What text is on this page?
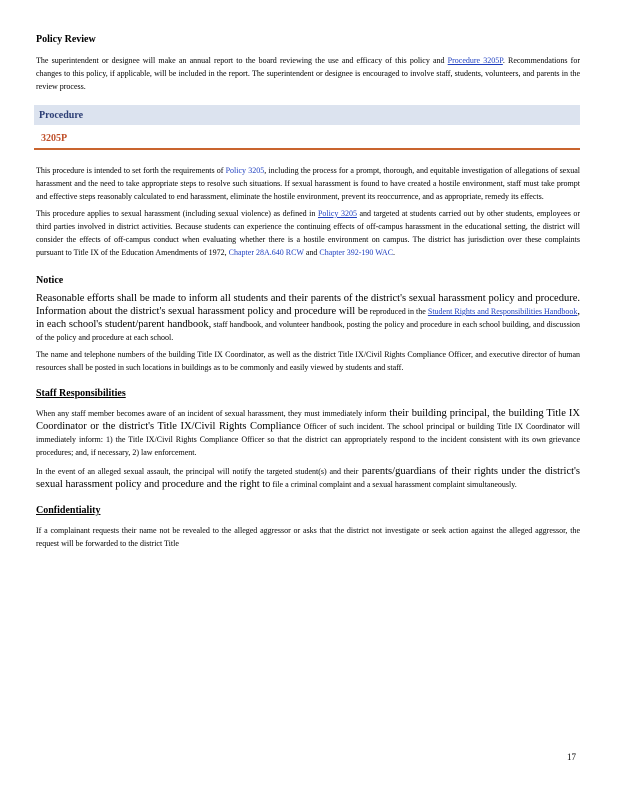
Policy Review

The superintendent or designee will make an annual report to the board reviewing the use and efficacy of this policy and Procedure 3205P. Recommendations for changes to this policy, if applicable, will be included in the report. The superintendent or designee is encouraged to involve staff, students, volunteers, and parents in the review process.

Procedure

3205P

This procedure is intended to set forth the requirements of Policy 3205, including the process for a prompt, thorough, and equitable investigation of allegations of sexual harassment and the need to take appropriate steps to resolve such situations. If sexual harassment is found to have created a hostile environment, staff must take prompt and effective steps reasonably calculated to end harassment, eliminate the hostile environment, prevent its reoccurrence, and as appropriate, remedy its effects.

This procedure applies to sexual harassment (including sexual violence) as defined in Policy 3205 and targeted at students carried out by other students, employees or third parties involved in district activities. Because students can experience the continuing effects of off-campus harassment in the educational setting, the district will consider the effects of off-campus conduct when evaluating whether there is a hostile environment on campus. The district has jurisdiction over these complaints pursuant to Title IX of the Education Amendments of 1972, Chapter 28A.640 RCW and Chapter 392-190 WAC.

Notice

Reasonable efforts shall be made to inform all students and their parents of the district's sexual harassment policy and procedure. Information about the district's sexual harassment policy and procedure will be reproduced in the Student Rights and Responsibilities Handbook, in each school's student/parent handbook, staff handbook, and volunteer handbook, posting the policy and procedure in each school building, and discussion of the policy and procedure at each school.

The name and telephone numbers of the building Title IX Coordinator, as well as the district Title IX/Civil Rights Compliance Officer, and executive director of human resources shall be posted in such locations in buildings as to be commonly and easily viewed by students and staff.

Staff Responsibilities

When any staff member becomes aware of an incident of sexual harassment, they must immediately inform their building principal, the building Title IX Coordinator or the district's Title IX/Civil Rights Compliance Officer of such incident. The school principal or building Title IX Coordinator will immediately inform: 1) the Title IX/Civil Rights Compliance Officer so that the district can appropriately respond to the incident consistent with its own grievance procedures; and, if necessary, 2) law enforcement.

In the event of an alleged sexual assault, the principal will notify the targeted student(s) and their parents/guardians of their rights under the district's sexual harassment policy and procedure and the right to file a criminal complaint and a sexual harassment complaint simultaneously.

Confidentiality

If a complainant requests their name not be revealed to the alleged aggressor or asks that the district not investigate or seek action against the alleged aggressor, the request will be forwarded to the district Title

17
